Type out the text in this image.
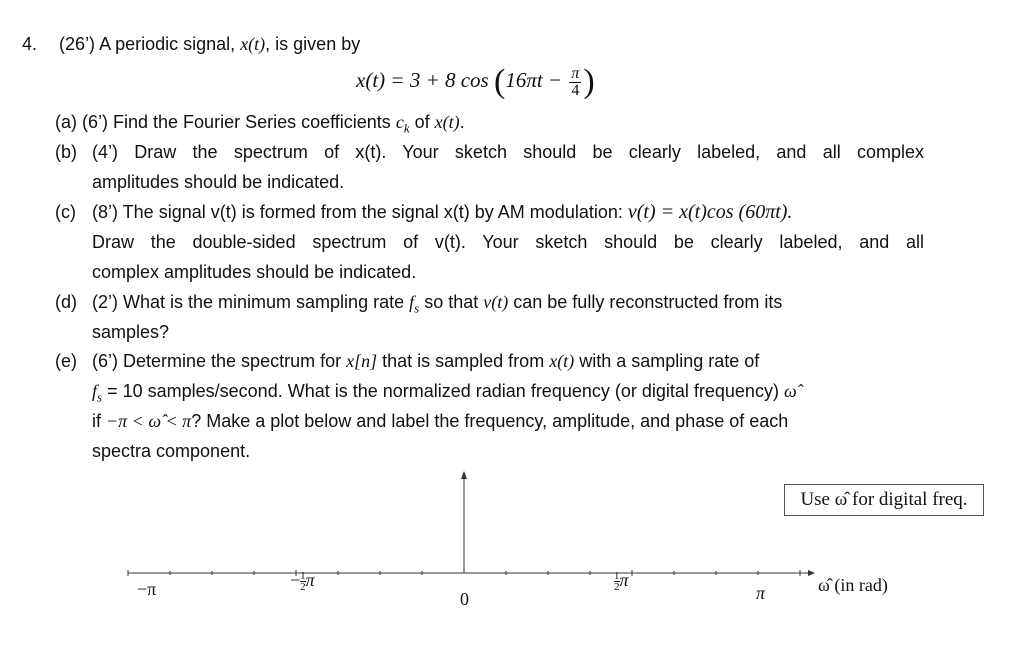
4. (26’) A periodic signal, x(t), is given by
x(t) = 3 + 8 $\cos (16\pi t - \frac{\pi}{4}$ )
(a) (6’) Find the Fourier Series coefficients $c_k$ of x(t).
(b) (4’) Draw the spectrum of x(t). Your sketch should be clearly labeled, and all complex
amplitudes should be indicated.
(c) (8’) The signal v(t) is formed from the signal x(t) by AM modulation: v(t) = x(t)cos (60πt).
Draw the double-sided spectrum of v(t). Your sketch should be clearly labeled, and all
complex amplitudes should be indicated.
(d) (2’) What is the minimum sampling rate $f_s$ so that v(t) can be fully reconstructed from its
samples?
(e) (6’) Determine the spectrum for x[n] that is sampled from x(t) with a sampling rate of
$f_s = 10$ samples/second. What is the normalized radian frequency (or digital frequency) ω̂
if −π < ω̂ < π? Make a plot below and label the frequency, amplitude, and phase of each
spectra component.
Use ω̂ for digital freq.
−π	− $\frac{1}{2}$ π
0
$\frac{1}{2}$ π
π	ω̂ (in rad)
